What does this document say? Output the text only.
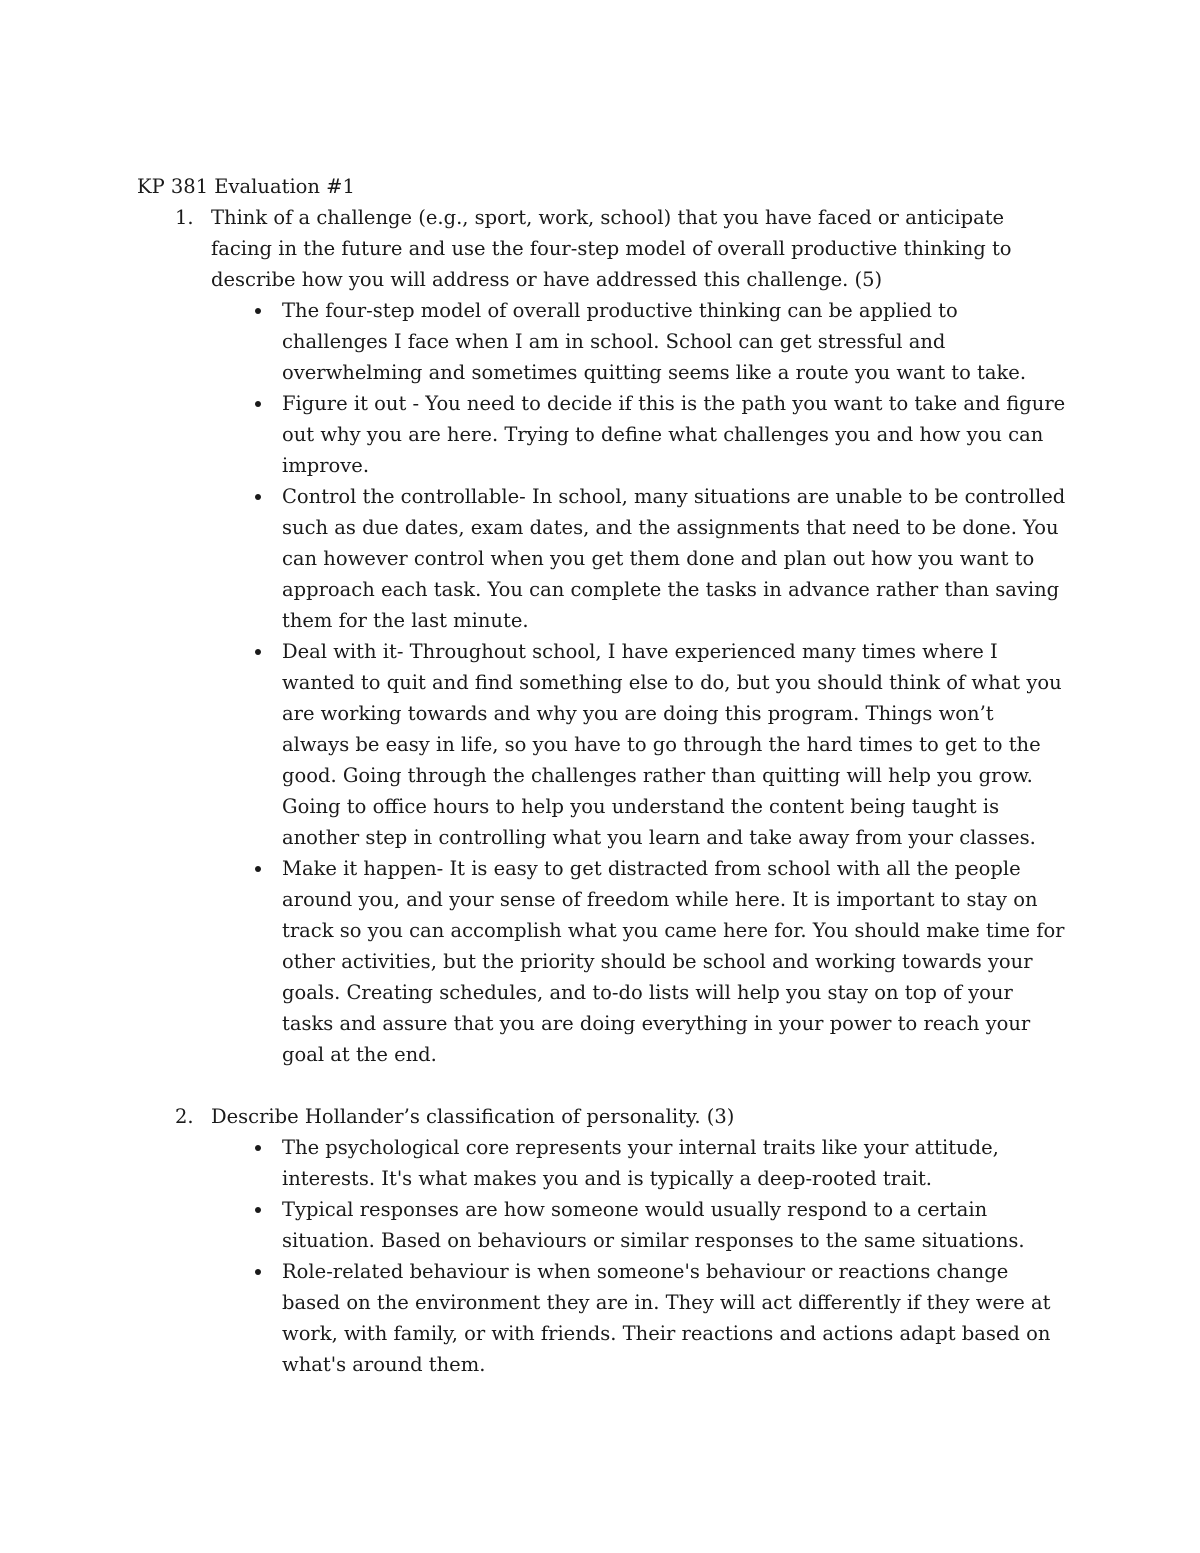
KP 381 Evaluation #1
1. Think of a challenge (e.g., sport, work, school) that you have faced or anticipate facing in the future and use the four-step model of overall productive thinking to describe how you will address or have addressed this challenge. (5)

The four-step model of overall productive thinking can be applied to challenges I face when I am in school. School can get stressful and overwhelming and sometimes quitting seems like a route you want to take.
Figure it out - You need to decide if this is the path you want to take and figure out why you are here. Trying to define what challenges you and how you can improve.
Control the controllable- In school, many situations are unable to be controlled such as due dates, exam dates, and the assignments that need to be done. You can however control when you get them done and plan out how you want to approach each task. You can complete the tasks in advance rather than saving them for the last minute.
Deal with it- Throughout school, I have experienced many times where I wanted to quit and find something else to do, but you should think of what you are working towards and why you are doing this program. Things won’t always be easy in life, so you have to go through the hard times to get to the good. Going through the challenges rather than quitting will help you grow. Going to office hours to help you understand the content being taught is another step in controlling what you learn and take away from your classes.
Make it happen- It is easy to get distracted from school with all the people around you, and your sense of freedom while here. It is important to stay on track so you can accomplish what you came here for. You should make time for other activities, but the priority should be school and working towards your goals. Creating schedules, and to-do lists will help you stay on top of your tasks and assure that you are doing everything in your power to reach your goal at the end.
2. Describe Hollander’s classification of personality. (3)

The psychological core represents your internal traits like your attitude, interests. It's what makes you and is typically a deep-rooted trait.
Typical responses are how someone would usually respond to a certain situation. Based on behaviours or similar responses to the same situations.
Role-related behaviour is when someone's behaviour or reactions change based on the environment they are in. They will act differently if they were at work, with family, or with friends. Their reactions and actions adapt based on what's around them.
